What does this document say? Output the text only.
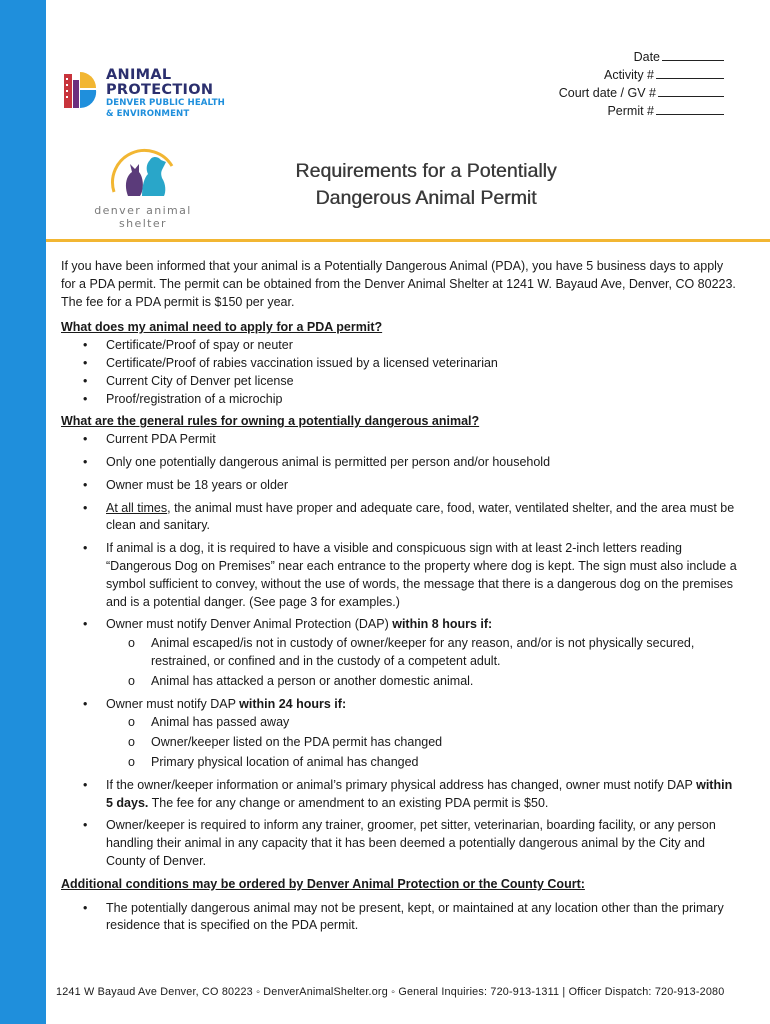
ANIMAL
PROTECTION
DENVER PUBLIC HEALTH
& ENVIRONMENT
denver animal shelter
Date
Activity #
Court date / GV #
Permit #
Requirements for a Potentially
Dangerous Animal Permit

If you have been informed that your animal is a Potentially Dangerous Animal (PDA), you have 5 business days to apply for a PDA permit. The permit can be obtained from the Denver Animal Shelter at 1241 W. Bayaud Ave, Denver, CO 80223. The fee for a PDA permit is $150 per year.

What does my animal need to apply for a PDA permit?
• Certificate/Proof of spay or neuter
• Certificate/Proof of rabies vaccination issued by a licensed veterinarian
• Current City of Denver pet license
• Proof/registration of a microchip
What are the general rules for owning a potentially dangerous animal?
• Current PDA Permit
• Only one potentially dangerous animal is permitted per person and/or household
• Owner must be 18 years or older
• At all times, the animal must have proper and adequate care, food, water, ventilated shelter, and the area must be clean and sanitary.
• If animal is a dog, it is required to have a visible and conspicuous sign with at least 2-inch letters reading “Dangerous Dog on Premises” near each entrance to the property where dog is kept. The sign must also include a symbol sufficient to convey, without the use of words, the message that there is a dangerous dog on the premises and is a potential danger. (See page 3 for examples.)
• Owner must notify Denver Animal Protection (DAP) within 8 hours if:
o Animal escaped/is not in custody of owner/keeper for any reason, and/or is not physically secured, restrained, or confined and in the custody of a competent adult.
o Animal has attacked a person or another domestic animal.
• Owner must notify DAP within 24 hours if:
o Animal has passed away
o Owner/keeper listed on the PDA permit has changed
o Primary physical location of animal has changed
• If the owner/keeper information or animal’s primary physical address has changed, owner must notify DAP within 5 days. The fee for any change or amendment to an existing PDA permit is $50.
• Owner/keeper is required to inform any trainer, groomer, pet sitter, veterinarian, boarding facility, or any person handling their animal in any capacity that it has been deemed a potentially dangerous animal by the City and County of Denver.
Additional conditions may be ordered by Denver Animal Protection or the County Court:
• The potentially dangerous animal may not be present, kept, or maintained at any location other than the primary residence that is specified on the PDA permit.
1241 W Bayaud Ave Denver, CO 80223 ◦ DenverAnimalShelter.org ◦ General Inquiries: 720-913-1311 | Officer Dispatch: 720-913-2080
